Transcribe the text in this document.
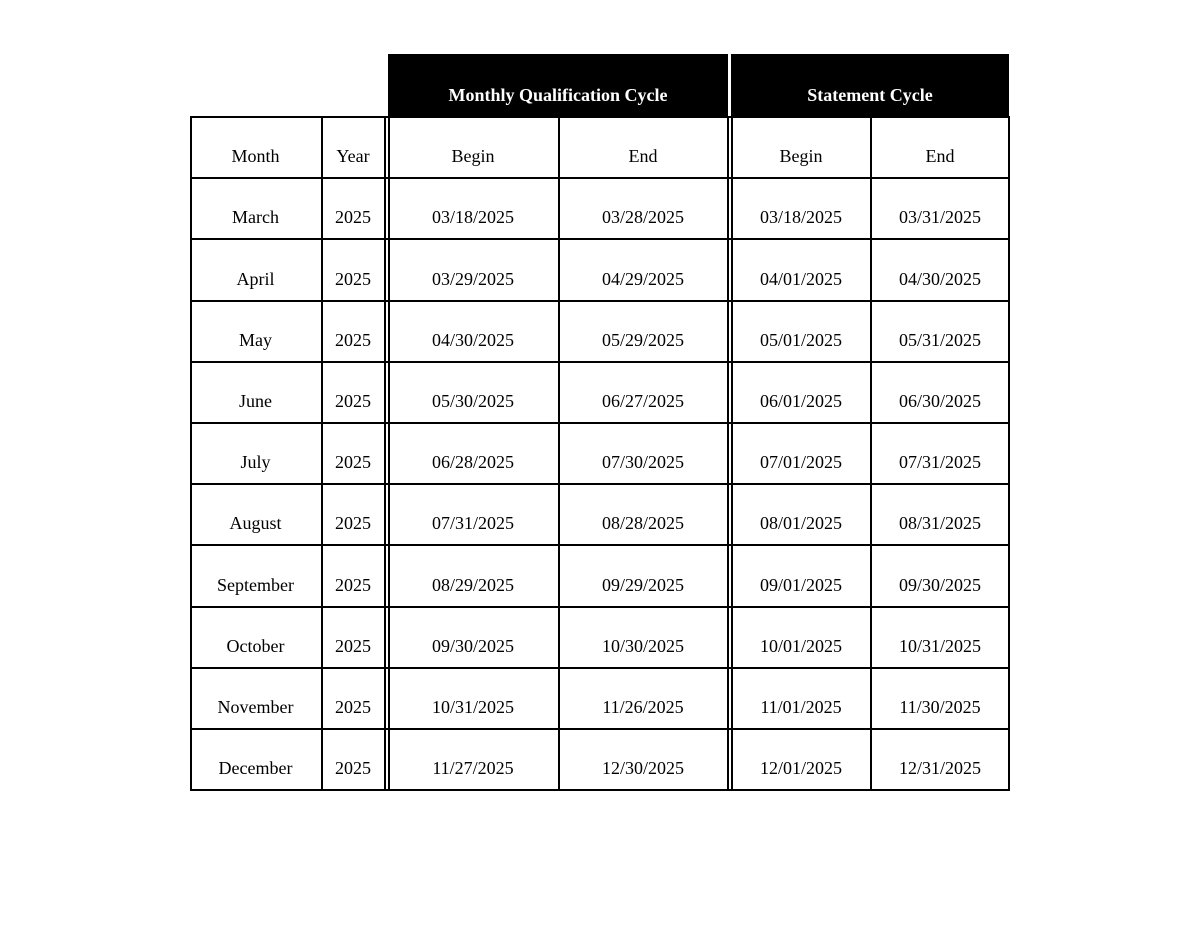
Monthly Qualification Cycle	Statement Cycle
Month	Year	Begin	End	Begin	End
March	2025	03/18/2025	03/28/2025	03/18/2025	03/31/2025
April	2025	03/29/2025	04/29/2025	04/01/2025	04/30/2025
May	2025	04/30/2025	05/29/2025	05/01/2025	05/31/2025
June	2025	05/30/2025	06/27/2025	06/01/2025	06/30/2025
July	2025	06/28/2025	07/30/2025	07/01/2025	07/31/2025
August	2025	07/31/2025	08/28/2025	08/01/2025	08/31/2025
September 2025	08/29/2025	09/29/2025	09/01/2025	09/30/2025
October	2025	09/30/2025	10/30/2025	10/01/2025	10/31/2025
November 2025	10/31/2025	11/26/2025	11/01/2025	11/30/2025
December 2025	11/27/2025	12/30/2025	12/01/2025	12/31/2025
